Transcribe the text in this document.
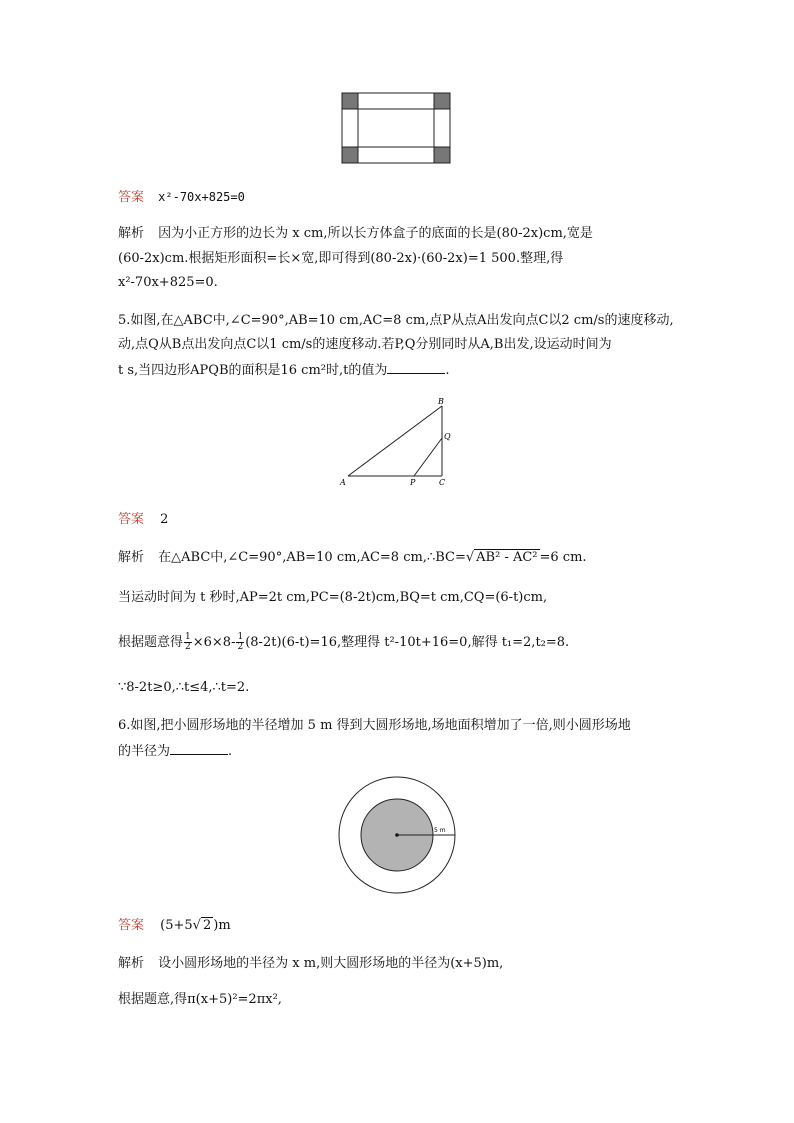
答案 x²-70x+825=0
解析 因为小正方形的边长为 x cm,所以长方体盒子的底面的长是(80-2x)cm,宽是
(60-2x)cm.根据矩形面积=长×宽,即可得到(80-2x)·(60-2x)=1 500.整理,得
x²-70x+825=0.
5.如图,在△ABC中,∠C=90°,AB=10 cm,AC=8 cm,点P从点A出发向点C以2 cm/s的速度移动,
动,点Q从B点出发向点C以1 cm/s的速度移动.若P,Q分别同时从A,B出发,设运动时间为
t s,当四边形APQB的面积是16 cm²时,t的值为	.
A
B
C
P
Q
答案 2
解析 在△ABC中,∠C=90°,AB=10 cm,AC=8 cm,∴BC=√ AB² - AC² =6 cm.
当运动时间为 t 秒时,AP=2t cm,PC=(8-2t)cm,BQ=t cm,CQ=(6-t)cm,
根据题意得 $\frac{1}{2} \times 6\times 8- \frac{1}{2} (8-2t)(6-t)=16$,整理得 t²-10t+16=0,解得 t₁=2,t₂=8.
∵8-2t≥0,∴t≤4,∴t=2.
6.如图,把小圆形场地的半径增加 5 m 得到大圆形场地,场地面积增加了一倍,则小圆形场地
的半径为	.
5 m
答案 (5+5√ 2 )m
解析 设小圆形场地的半径为 x m,则大圆形场地的半径为(x+5)m,
根据题意,得π(x+5)²=2πx²,
